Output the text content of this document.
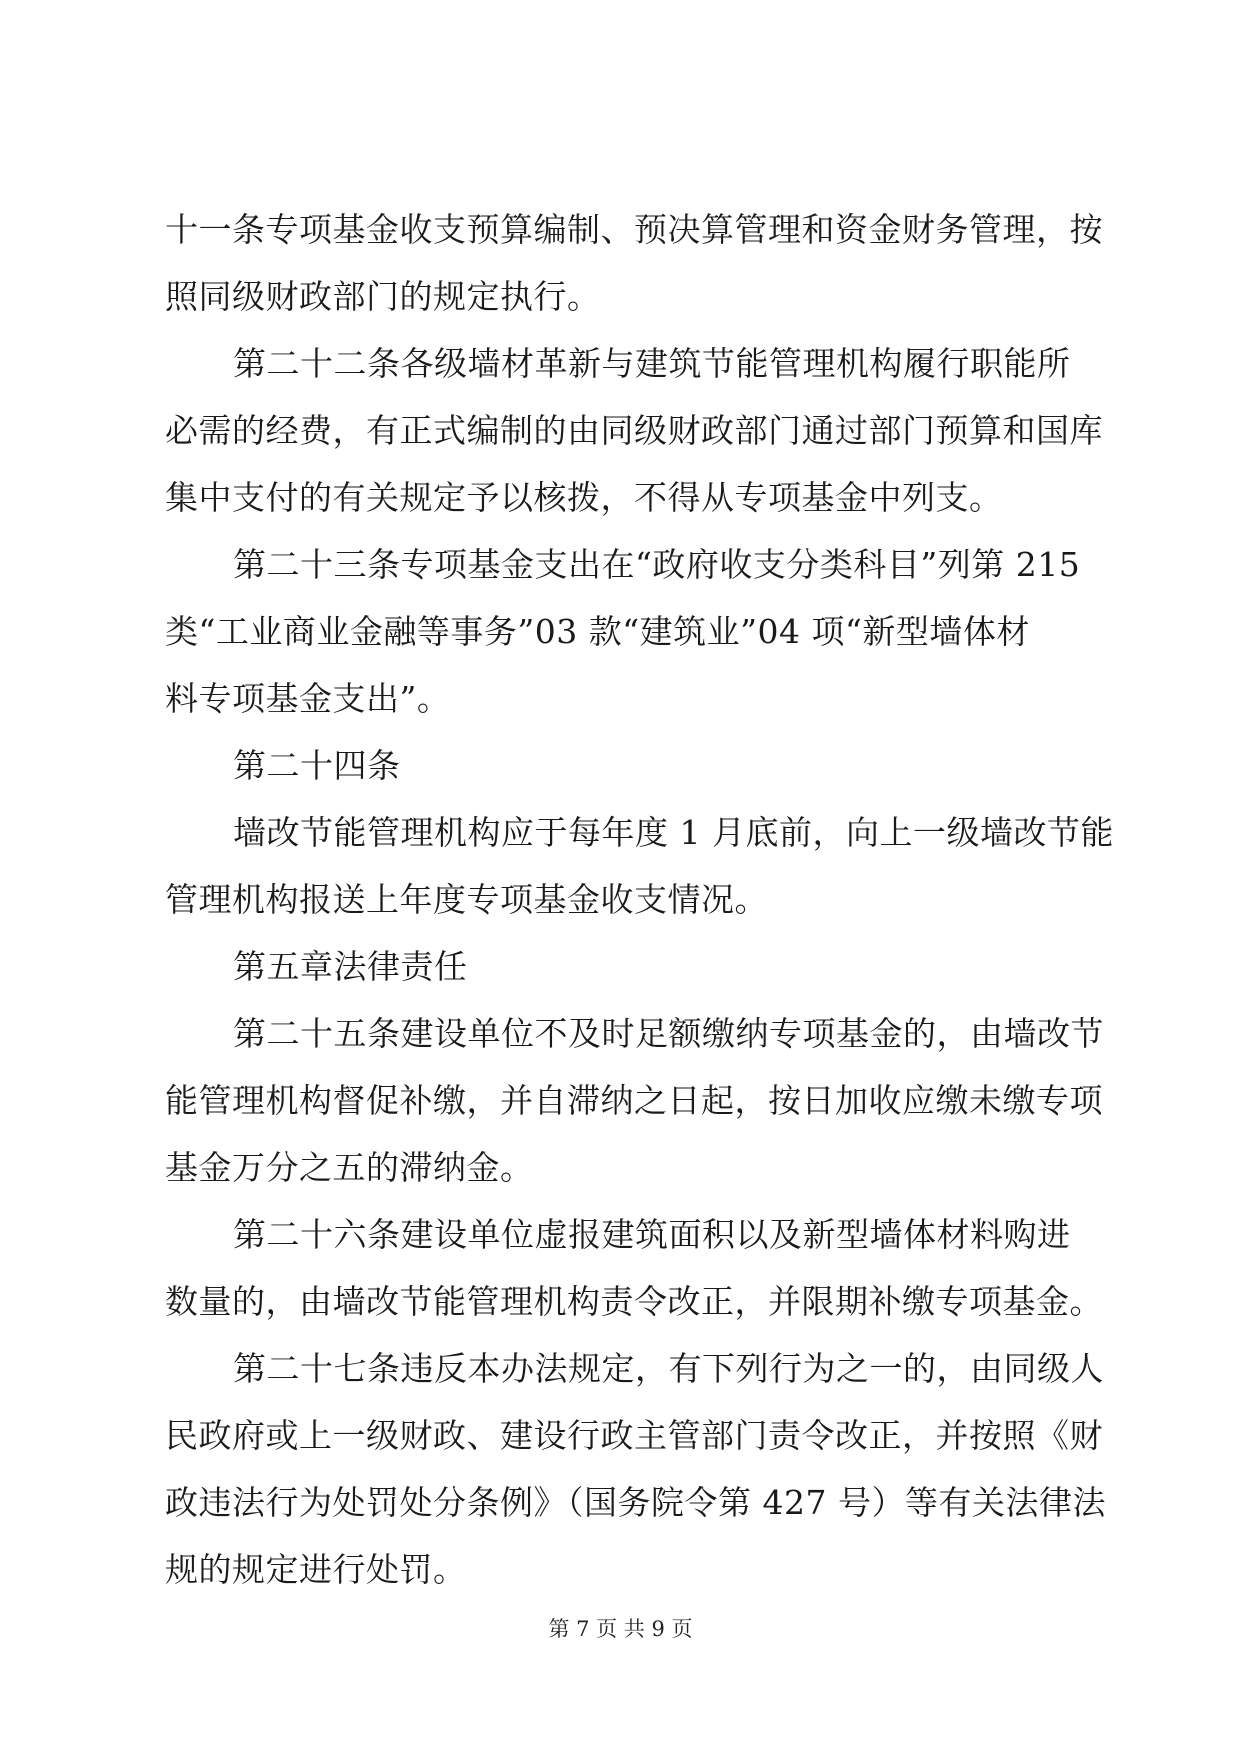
十一条专项基金收支预算编制、预决算管理和资金财务管理，按
照同级财政部门的规定执行。
第二十二条各级墙材革新与建筑节能管理机构履行职能所
必需的经费，有正式编制的由同级财政部门通过部门预算和国库
集中支付的有关规定予以核拨，不得从专项基金中列支。
第二十三条专项基金支出在“政府收支分类科目”列第 215
类“工业商业金融等事务”03 款“建筑业”04 项“新型墙体材
料专项基金支出”。
第二十四条
墙改节能管理机构应于每年度 1 月底前，向上一级墙改节能
管理机构报送上年度专项基金收支情况。
第五章法律责任
第二十五条建设单位不及时足额缴纳专项基金的，由墙改节
能管理机构督促补缴，并自滞纳之日起，按日加收应缴未缴专项
基金万分之五的滞纳金。
第二十六条建设单位虚报建筑面积以及新型墙体材料购进
数量的，由墙改节能管理机构责令改正，并限期补缴专项基金。
第二十七条违反本办法规定，有下列行为之一的，由同级人
民政府或上一级财政、建设行政主管部门责令改正，并按照《财
政违法行为处罚处分条例》（国务院令第 427 号）等有关法律法
规的规定进行处罚。
第 7 页 共 9 页
